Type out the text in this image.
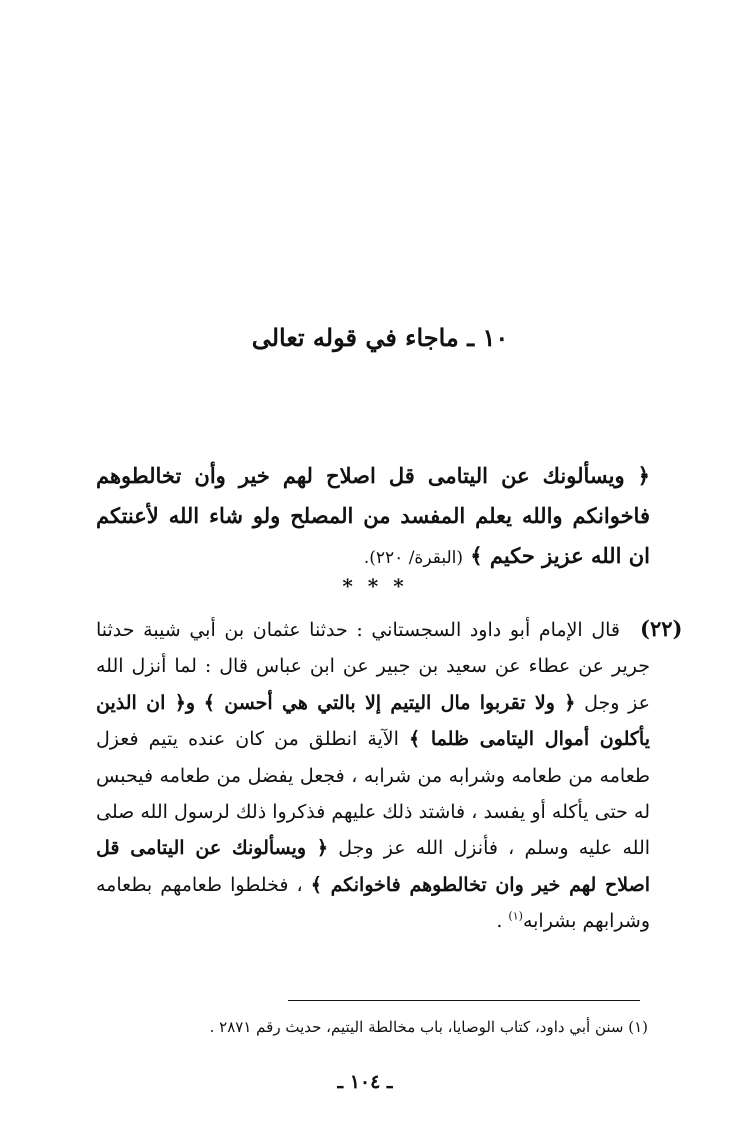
١٠ ـ ماجاء في قوله تعالى
﴿ ويسألونك عن اليتامى قل اصلاح لهم خير وأن تخالطوهم فاخوانكم والله يعلم المفسد من المصلح ولو شاء الله لأعنتكم ان الله عزيز حكيم ﴾ (البقرة/ ٢٢٠).
* * *
(٢٢)

قال الإمام أبو داود السجستاني : حدثنا عثمان بن أبي شيبة حدثنا جرير عن عطاء عن سعيد بن جبير عن ابن عباس قال : لما أنزل الله عز وجل ﴿ ولا تقربوا مال اليتيم إلا بالتي هي أحسن ﴾ و﴿ ان الذين يأكلون أموال اليتامى ظلما ﴾ الآية انطلق من كان عنده يتيم فعزل طعامه من طعامه وشرابه من شرابه ، فجعل يفضل من طعامه فيحبس له حتى يأكله أو يفسد ، فاشتد ذلك عليهم فذكروا ذلك لرسول الله صلى الله عليه وسلم ، فأنزل الله عز وجل ﴿ ويسألونك عن اليتامى قل اصلاح لهم خير وان تخالطوهم فاخوانكم ﴾ ، فخلطوا طعامهم بطعامه وشرابهم بشرابه$^{(١)}$ .

(١) سنن أبي داود، كتاب الوصايا، باب مخالطة اليتيم، حديث رقم ٢٨٧١ .
ـ ١٠٤ ـ
